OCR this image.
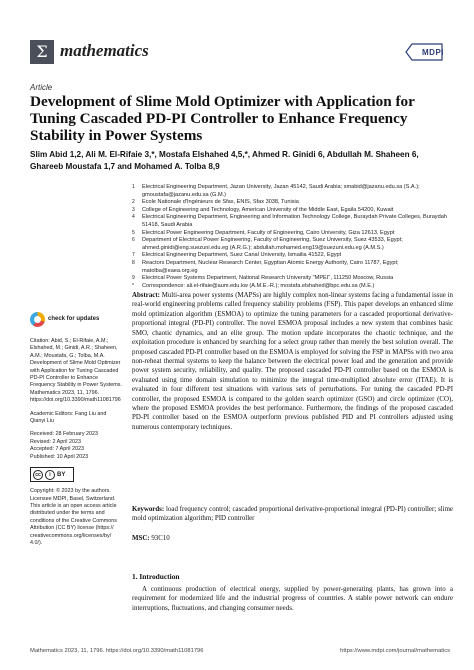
Σ mathematics	MDPI
Article
Development of Slime Mold Optimizer with Application for Tuning Cascaded PD-PI Controller to Enhance Frequency Stability in Power Systems
Slim Abid 1,2, Ali M. El-Rifaie 3,*, Mostafa Elshahed 4,5,*, Ahmed R. Ginidi 6, Abdullah M. Shaheen 6,
Ghareeb Moustafa 1,7 and Mohamed A. Tolba 8,9
1 Electrical Engineering Department, Jazan University, Jazan 45142, Saudi Arabia; smabid@jazanu.edu.sa (S.A.); gmoustafa@jazanu.edu.sa (G.M.)
2 Ecole Nationale d'Ingénieurs de Sfax, ENIS, Sfax 3038, Tunisia
3 College of Engineering and Technology, American University of the Middle East, Egaila 54200, Kuwait
4 Electrical Engineering Department, Engineering and Information Technology College, Buraydah Private Colleges, Buraydah 51418, Saudi Arabia
5 Electrical Power Engineering Department, Faculty of Engineering, Cairo University, Giza 12613, Egypt
6 Department of Electrical Power Engineering, Faculty of Engineering, Suez University, Suez 43533, Egypt; ahmed.ginidi@eng.suezuni.edu.eg (A.R.G.); abdullah.mohamed.eng19@suezuni.edu.eg (A.M.S.)
7 Electrical Engineering Department, Suez Canal University, Ismailia 41522, Egypt
8 Reactors Department, Nuclear Research Center, Egyptian Atomic Energy Authority, Cairo 11787, Egypt; matolba@eaea.org.eg
9 Electrical Power Systems Department, National Research University "MPEI", 111250 Moscow, Russia
* Correspondence: ali.el-rifaie@aum.edu.kw (A.M.E.-R.); mostafa.elshahed@bpc.edu.sa (M.E.)
check for updates
Citation: Abid, S.; El-Rifaie, A.M.; Elshahed, M.; Ginidi, A.R.; Shaheen, A.M.; Moustafa, G.; Tolba, M.A. Development of Slime Mold Optimizer with Application for Tuning Cascaded PD-PI Controller to Enhance Frequency Stability in Power Systems. Mathematics 2023, 11, 1796. https://doi.org/10.3390/math11081796
Academic Editors: Fang Liu and Qianyi Liu
Received: 28 February 2023
Revised: 2 April 2023
Accepted: 7 April 2023
Published: 10 April 2023
cc	i	BY
Copyright: © 2023 by the authors. Licensee MDPI, Basel, Switzerland. This article is an open access article distributed under the terms and conditions of the Creative Commons Attribution (CC BY) license (https:// creativecommons.org/licenses/by/ 4.0/).
Abstract: Multi-area power systems (MAPSs) are highly complex non-linear systems facing a fundamental issue in real-world engineering problems called frequency stability problems (FSP). This paper develops an enhanced slime mold optimization algorithm (ESMOA) to optimize the tuning parameters for a cascaded proportional derivative-proportional integral (PD-PI) controller. The novel ESMOA proposal includes a new system that combines basic SMO, chaotic dynamics, and an elite group. The motion update incorporates the chaotic technique, and the exploitation procedure is enhanced by searching for a select group rather than merely the best solution overall. The proposed cascaded PD-PI controller based on the ESMOA is employed for solving the FSP in MAPSs with two area non-reheat thermal systems to keep the balance between the electrical power load and the generation and provide power system security, reliability, and quality. The proposed cascaded PD-PI controller based on the ESMOA is evaluated using time domain simulation to minimize the integral time-multiplied absolute error (ITAE). It is evaluated in four different test situations with various sets of perturbations. For tuning the cascaded PD-PI controller, the proposed ESMOA is compared to the golden search optimizer (GSO) and circle optimizer (CO), where the proposed ESMOA provides the best performance. Furthermore, the findings of the proposed cascaded PD-PI controller based on the ESMOA outperform previous published PID and PI controllers adjusted using numerous contemporary techniques.
Keywords: load frequency control; cascaded proportional derivative-proportional integral (PD-PI) controller; slime mold optimization algorithm; PID controller
MSC: 93C10
1. Introduction

A continuous production of electrical energy, supplied by power-generating plants, has grown into a requirement for modernized life and the industrial progress of countries. A stable power network can endure interruptions, fluctuations, and changing consumer needs.

Mathematics 2023, 11, 1796. https://doi.org/10.3390/math11081796	https://www.mdpi.com/journal/mathematics
